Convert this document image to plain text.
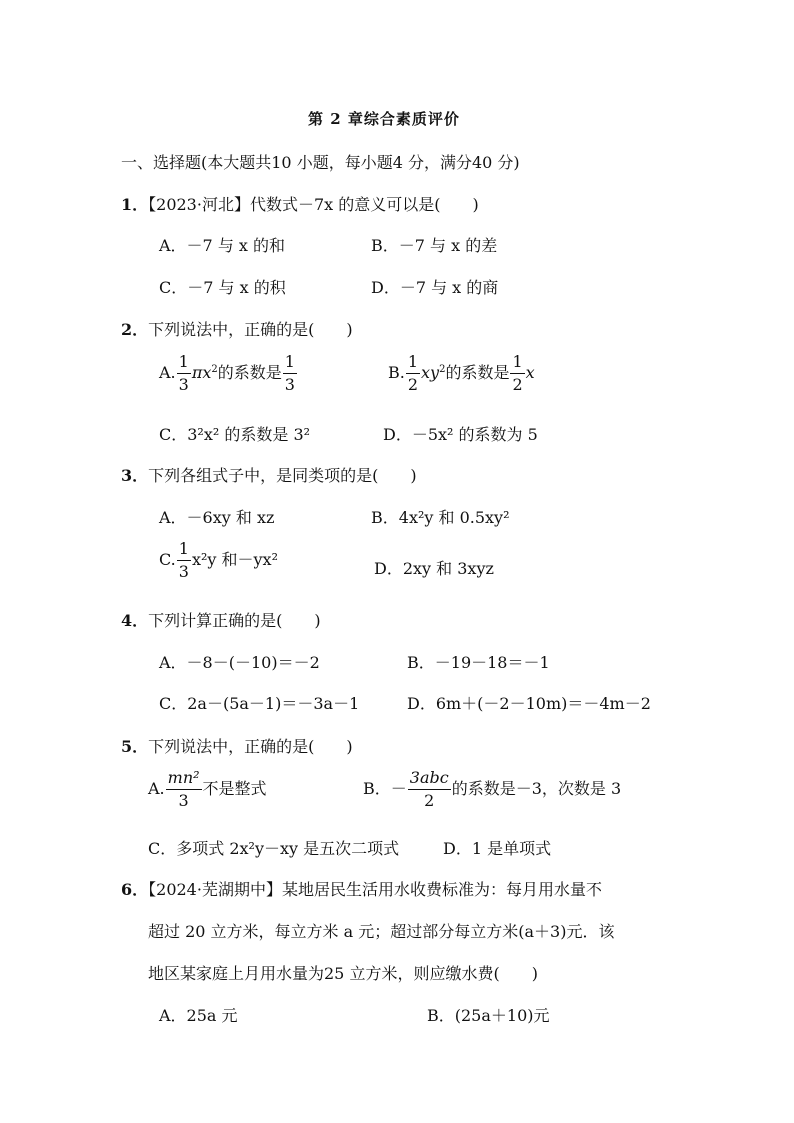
第 2 章综合素质评价
一、选择题(本大题共10 小题，每小题4 分，满分40 分)
1．【2023·河北】代数式－7x 的意义可以是(　　)
A．－7 与 x 的和	B．－7 与 x 的差
C．－7 与 x 的积	D．－7 与 x 的商
2．下列说法中，正确的是(　　)
A. $\frac{1}{3} \pi x^2$的系数是 $\frac{1}{3}$	B. $\frac{1}{2} xy^2$的系数是 $\frac{1}{2}$ x
C．3²x² 的系数是 3²	D．－5x² 的系数为 5
3．下列各组式子中，是同类项的是(　　)
A．－6xy 和 xz	B．4x²y 和 0.5xy²
C. $\frac{1}{3} x^2y$ 和－yx²	D．2xy 和 3xyz
4．下列计算正确的是(　　)
A．－8－(－10)＝－2	B．－19－18＝－1
C．2a－(5a－1)＝－3a－1	D．6m＋(－2－10m)＝－4m－2
5．下列说法中，正确的是(　　)
A. $\frac{\text{mn²}}{3}$ 不是整式	B．－ $\frac{\text{3abc}}{2}$ 的系数是－3，次数是 3
C．多项式 2x²y－xy 是五次二项式	D．1 是单项式
6．【2024·芜湖期中】某地居民生活用水收费标准为：每月用水量不
超过 20 立方米，每立方米 a 元；超过部分每立方米(a＋3)元．该
地区某家庭上月用水量为25 立方米，则应缴水费(　　)
A．25a 元	B．(25a＋10)元
